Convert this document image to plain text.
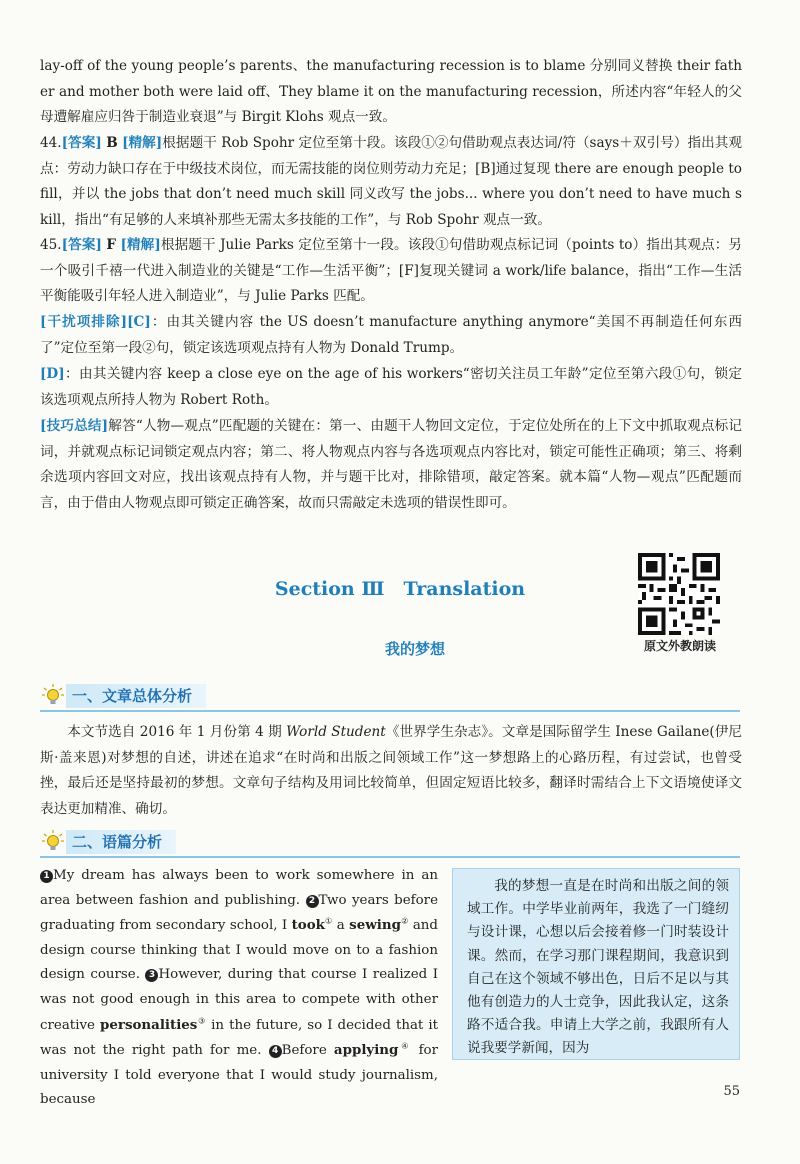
lay-off of the young people’s parents、the manufacturing recession is to blame 分别同义替换 their father and mother both were laid off、They blame it on the manufacturing recession，所述内容“年轻人的父母遭解雇应归咎于制造业衰退”与 Birgit Klohs 观点一致。

44.[答案] B [精解]根据题干 Rob Spohr 定位至第十段。该段①②句借助观点表达词/符（says＋双引号）指出其观点：劳动力缺口存在于中级技术岗位，而无需技能的岗位则劳动力充足；[B]通过复现 there are enough people to fill，并以 the jobs that don’t need much skill 同义改写 the jobs... where you don’t need to have much skill，指出“有足够的人来填补那些无需太多技能的工作”，与 Rob Spohr 观点一致。

45.[答案] F [精解]根据题干 Julie Parks 定位至第十一段。该段①句借助观点标记词（points to）指出其观点：另一个吸引千禧一代进入制造业的关键是“工作—生活平衡”；[F]复现关键词 a work/life balance，指出“工作—生活平衡能吸引年轻人进入制造业”，与 Julie Parks 匹配。

[干扰项排除][C]：由其关键内容 the US doesn’t manufacture anything anymore“美国不再制造任何东西了”定位至第一段②句，锁定该选项观点持有人物为 Donald Trump。

[D]：由其关键内容 keep a close eye on the age of his workers“密切关注员工年龄”定位至第六段①句，锁定该选项观点所持人物为 Robert Roth。

[技巧总结]解答“人物—观点”匹配题的关键在：第一、由题干人物回文定位，于定位处所在的上下文中抓取观点标记词，并就观点标记词锁定观点内容；第二、将人物观点内容与各选项观点内容比对，锁定可能性正确项；第三、将剩余选项内容回文对应，找出该观点持有人物，并与题干比对，排除错项，敲定答案。就本篇“人物—观点”匹配题而言，由于借由人物观点即可锁定正确答案，故而只需敲定未选项的错误性即可。

Section Ⅲ　Translation
我的梦想	原文外教朗读
一、文章总体分析

本文节选自 2016 年 1 月份第 4 期 World Student《世界学生杂志》。文章是国际留学生 Inese Gailane(伊尼斯·盖来恩)对梦想的自述，讲述在追求“在时尚和出版之间领域工作”这一梦想路上的心路历程，有过尝试，也曾受挫，最后还是坚持最初的梦想。文章句子结构及用词比较简单，但固定短语比较多，翻译时需结合上下文语境使译文表达更加精准、确切。

二、语篇分析

1 My dream has always been to work somewhere in an area between fashion and publishing. 2 Two years before graduating from secondary school, I took① a sewing② and design course thinking that I would move on to a fashion design course. 3 However, during that course I realized I was not good enough in this area to compete with other creative personalities③ in the future, so I decided that it was not the right path for me. 4 Before applying④ for university I told everyone that I would study journalism, because

我的梦想一直是在时尚和出版之间的领域工作。中学毕业前两年，我选了一门缝纫与设计课，心想以后会接着修一门时装设计课。然而，在学习那门课程期间，我意识到自己在这个领域不够出色，日后不足以与其他有创造力的人士竞争，因此我认定，这条路不适合我。申请上大学之前，我跟所有人说我要学新闻，因为

55
